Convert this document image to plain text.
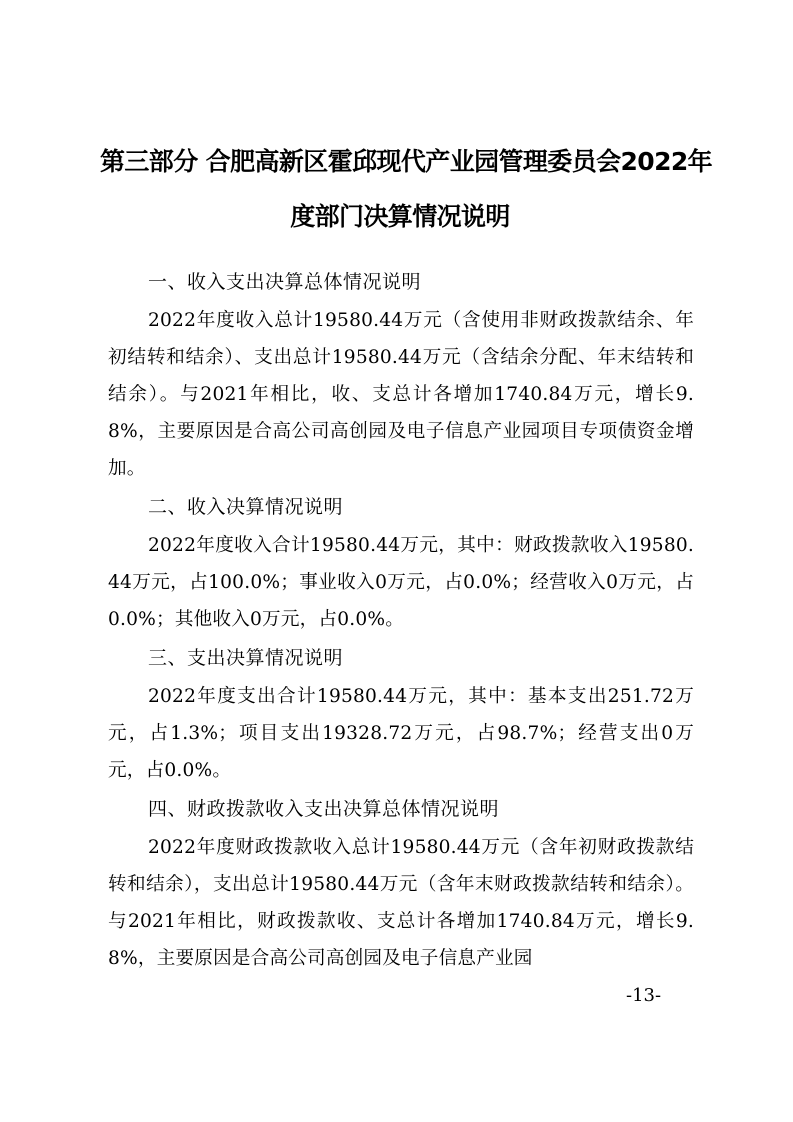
第三部分 合肥高新区霍邱现代产业园管理委员会2022年
度部门决算情况说明
一、收入支出决算总体情况说明
2022年度收入总计19580.44万元（含使用非财政拨款结余、年初结转和结余）、支出总计19580.44万元（含结余分配、年末结转和结余）。与2021年相比，收、支总计各增加1740.84万元，增长9.8%，主要原因是合高公司高创园及电子信息产业园项目专项债资金增加。
二、收入决算情况说明
2022年度收入合计19580.44万元，其中：财政拨款收入19580.44万元，占100.0%；事业收入0万元，占0.0%；经营收入0万元，占0.0%；其他收入0万元，占0.0%。
三、支出决算情况说明
2022年度支出合计19580.44万元，其中：基本支出251.72万元，占1.3%；项目支出19328.72万元，占98.7%；经营支出0万元，占0.0%。
四、财政拨款收入支出决算总体情况说明
2022年度财政拨款收入总计19580.44万元（含年初财政拨款结转和结余），支出总计19580.44万元（含年末财政拨款结转和结余）。与2021年相比，财政拨款收、支总计各增加1740.84万元，增长9.8%，主要原因是合高公司高创园及电子信息产业园
-13-
